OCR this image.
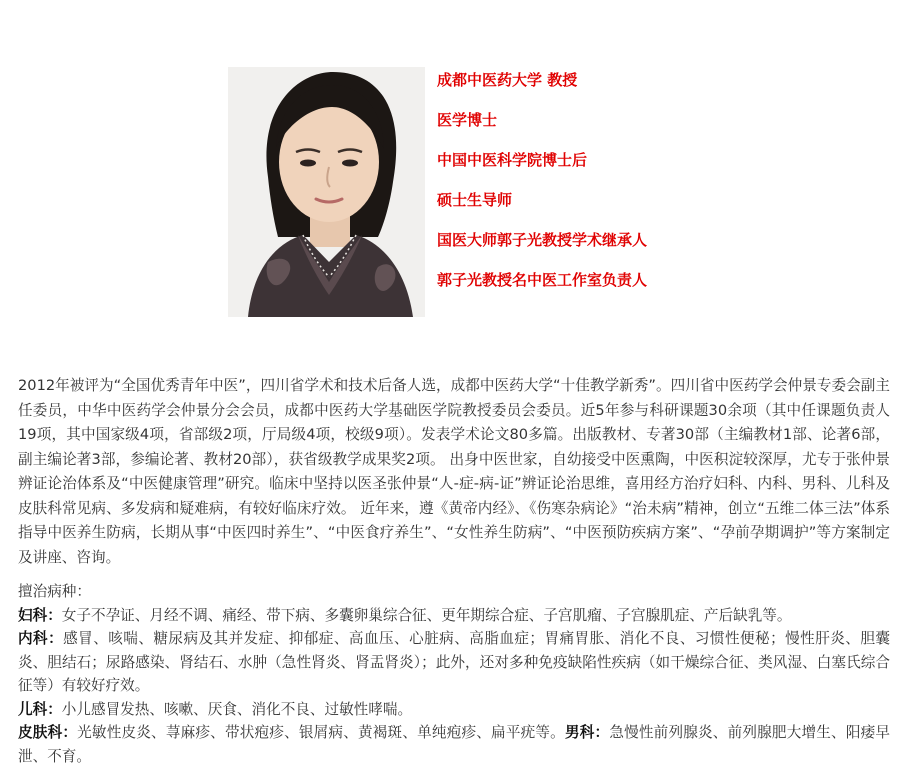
成都中医药大学 教授
医学博士
中国中医科学院博士后
硕士生导师
国医大师郭子光教授学术继承人
郭子光教授名中医工作室负责人

2012年被评为“全国优秀青年中医”，四川省学术和技术后备人选，成都中医药大学“十佳教学新秀”。四川省中医药学会仲景专委会副主任委员，中华中医药学会仲景分会会员，成都中医药大学基础医学院教授委员会委员。近5年参与科研课题30余项（其中任课题负责人19项，其中国家级4项，省部级2项，厅局级4项，校级9项）。发表学术论文80多篇。出版教材、专著30部（主编教材1部、论著6部，副主编论著3部，参编论著、教材20部），获省级教学成果奖2项。 出身中医世家，自幼接受中医熏陶，中医积淀较深厚，尤专于张仲景辨证论治体系及“中医健康管理”研究。临床中坚持以医圣张仲景“人-症-病-证”辨证论治思维，喜用经方治疗妇科、内科、男科、儿科及皮肤科常见病、多发病和疑难病，有较好临床疗效。 近年来，遵《黄帝内经》、《伤寒杂病论》“治未病”精神，创立“五维二体三法”体系指导中医养生防病，长期从事“中医四时养生”、“中医食疗养生”、“女性养生防病”、“中医预防疾病方案”、“孕前孕期调护”等方案制定及讲座、咨询。

擅治病种：

妇科：女子不孕证、月经不调、痛经、带下病、多囊卵巢综合征、更年期综合症、子宫肌瘤、子宫腺肌症、产后缺乳等。

内科：感冒、咳喘、糖尿病及其并发症、抑郁症、高血压、心脏病、高脂血症；胃痛胃胀、消化不良、习惯性便秘；慢性肝炎、胆囊炎、胆结石；尿路感染、肾结石、水肿（急性肾炎、肾盂肾炎）；此外，还对多种免疫缺陷性疾病（如干燥综合征、类风湿、白塞氏综合征等）有较好疗效。

儿科：小儿感冒发热、咳嗽、厌食、消化不良、过敏性哮喘。

皮肤科：光敏性皮炎、荨麻疹、带状疱疹、银屑病、黄褐斑、单纯疱疹、扁平疣等。男科：急慢性前列腺炎、前列腺肥大增生、阳痿早泄、不育。
